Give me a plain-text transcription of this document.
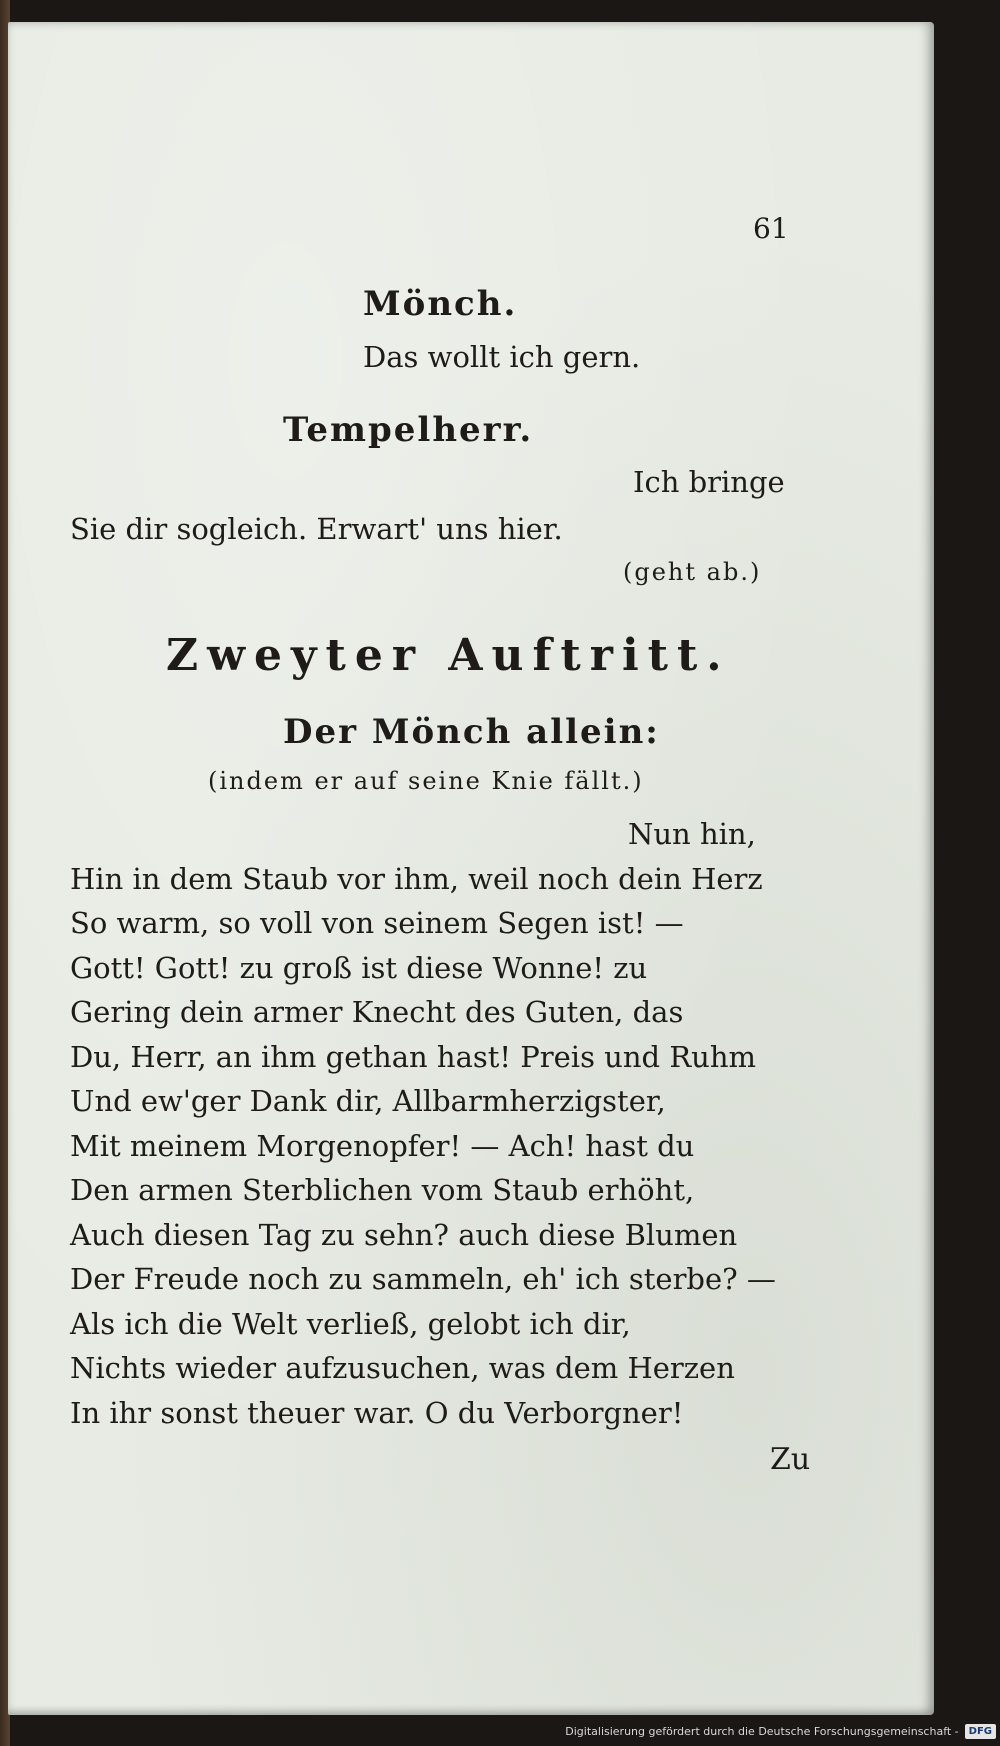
61
Mönch.
Das wollt ich gern.
Tempelherr.
Ich bringe
Sie dir sogleich. Erwart' uns hier.
(geht ab.)
Zweyter Auftritt.
Der Mönch allein:
(indem er auf seine Knie fällt.)
Nun hin,
Hin in dem Staub vor ihm, weil noch dein Herz
So warm, so voll von seinem Segen ist! —
Gott! Gott! zu groß ist diese Wonne! zu
Gering dein armer Knecht des Guten, das
Du, Herr, an ihm gethan hast! Preis und Ruhm
Und ew'ger Dank dir, Allbarmherzigster,
Mit meinem Morgenopfer! — Ach! hast du
Den armen Sterblichen vom Staub erhöht,
Auch diesen Tag zu sehn? auch diese Blumen
Der Freude noch zu sammeln, eh' ich sterbe? —
Als ich die Welt verließ, gelobt ich dir,
Nichts wieder aufzusuchen, was dem Herzen
In ihr sonst theuer war. O du Verborgner!
Zu
Digitalisierung gefördert durch die Deutsche Forschungsgemeinschaft -	DFG
